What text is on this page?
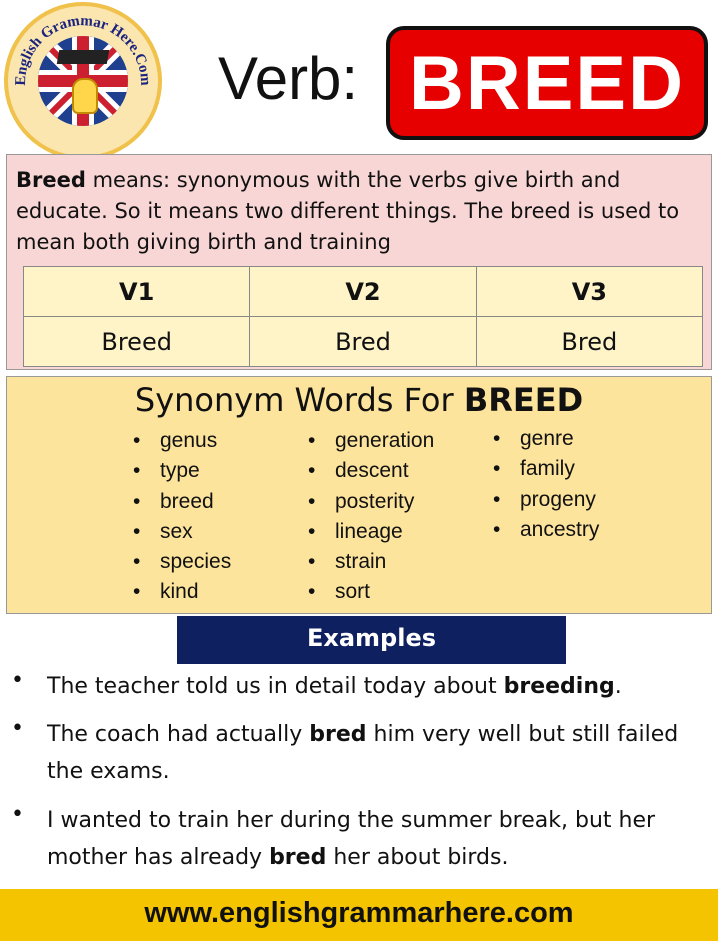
English Grammar Here.Com Verb: BREED
Breed means: synonymous with the verbs give birth and educate. So it means two different things. The breed is used to mean both giving birth and training
V1	V2	V3
Breed	Bred	Bred
Synonym Words For BREED
• genus
• type
• breed
• sex
• species
• kind
• generation
• descent
• posterity
• lineage
• strain
• sort
• genre
• family
• progeny
• ancestry
Examples
• The teacher told us in detail today about breeding.
• The coach had actually bred him very well but still failed the exams.
• I wanted to train her during the summer break, but her mother has already bred her about birds.
www.englishgrammarhere.com
